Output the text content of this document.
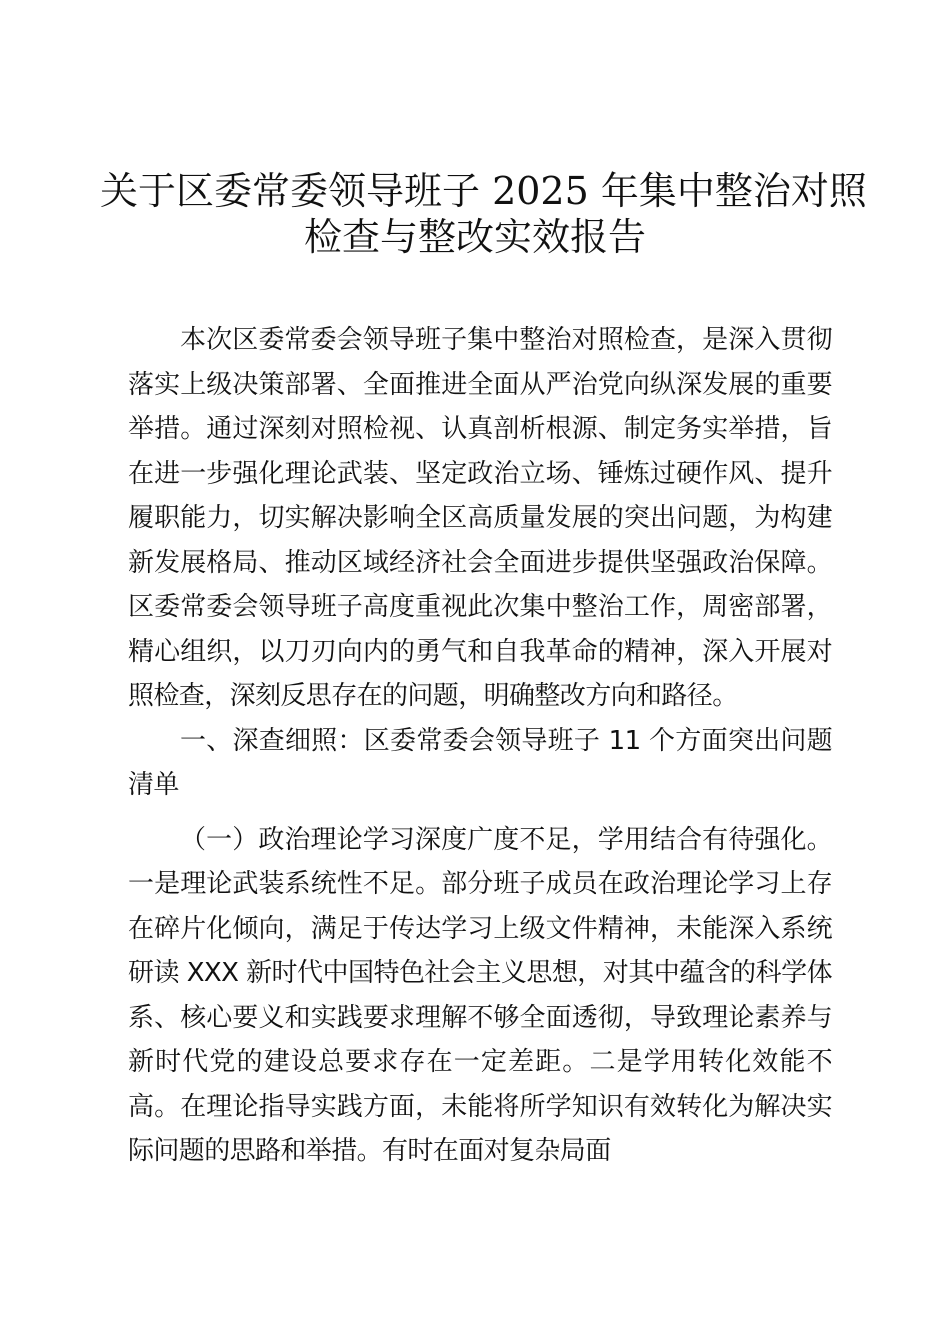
关于区委常委领导班子 2025 年集中整治对照
检查与整改实效报告

本次区委常委会领导班子集中整治对照检查，是深入贯彻落实上级决策部署、全面推进全面从严治党向纵深发展的重要举措。通过深刻对照检视、认真剖析根源、制定务实举措，旨在进一步强化理论武装、坚定政治立场、锤炼过硬作风、提升履职能力，切实解决影响全区高质量发展的突出问题，为构建新发展格局、推动区域经济社会全面进步提供坚强政治保障。区委常委会领导班子高度重视此次集中整治工作，周密部署，精心组织，以刀刃向内的勇气和自我革命的精神，深入开展对照检查，深刻反思存在的问题，明确整改方向和路径。

一、深查细照：区委常委会领导班子 11 个方面突出问题清单

（一）政治理论学习深度广度不足，学用结合有待强化。一是理论武装系统性不足。部分班子成员在政治理论学习上存在碎片化倾向，满足于传达学习上级文件精神，未能深入系统研读 XXX 新时代中国特色社会主义思想，对其中蕴含的科学体系、核心要义和实践要求理解不够全面透彻，导致理论素养与新时代党的建设总要求存在一定差距。二是学用转化效能不高。在理论指导实践方面，未能将所学知识有效转化为解决实际问题的思路和举措。有时在面对复杂局面
